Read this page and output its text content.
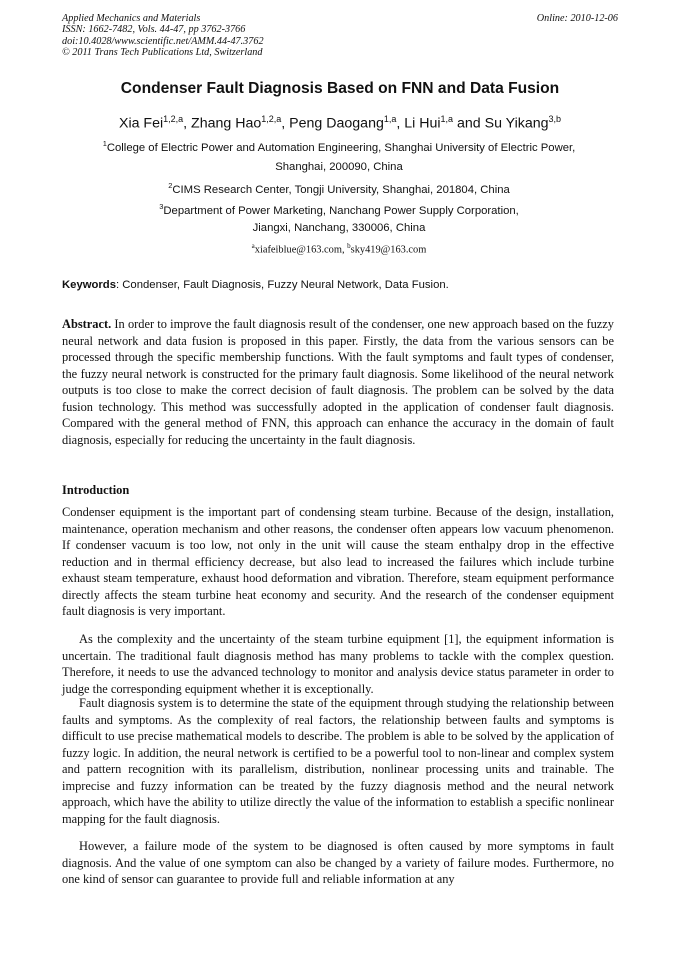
Applied Mechanics and Materials
ISSN: 1662-7482, Vols. 44-47, pp 3762-3766
doi:10.4028/www.scientific.net/AMM.44-47.3762
© 2011 Trans Tech Publications Ltd, Switzerland
Online: 2010-12-06
Condenser Fault Diagnosis Based on FNN and Data Fusion
Xia Fei$^{1,2,a}$, Zhang Hao$^{1,2,a}$, Peng Daogang$^{1,a}$, Li Hui$^{1,a}$ and Su Yikang$^{3,b}$
$^1$College of Electric Power and Automation Engineering, Shanghai University of Electric Power,
Shanghai, 200090, China
$^2$CIMS Research Center, Tongji University, Shanghai, 201804, China
$^3$Department of Power Marketing, Nanchang Power Supply Corporation,
Jiangxi, Nanchang, 330006, China
$^a$xiafeiblue@163.com, $^b$sky419@163.com
Keywords: Condenser, Fault Diagnosis, Fuzzy Neural Network, Data Fusion.
Abstract. In order to improve the fault diagnosis result of the condenser, one new approach based on the fuzzy neural network and data fusion is proposed in this paper. Firstly, the data from the various sensors can be processed through the specific membership functions. With the fault symptoms and fault types of condenser, the fuzzy neural network is constructed for the primary fault diagnosis. Some likelihood of the neural network outputs is too close to make the correct decision of fault diagnosis. The problem can be solved by the data fusion technology. This method was successfully adopted in the application of condenser fault diagnosis. Compared with the general method of FNN, this approach can enhance the accuracy in the domain of fault diagnosis, especially for reducing the uncertainty in the fault diagnosis.
Introduction
Condenser equipment is the important part of condensing steam turbine. Because of the design, installation, maintenance, operation mechanism and other reasons, the condenser often appears low vacuum phenomenon. If condenser vacuum is too low, not only in the unit will cause the steam enthalpy drop in the effective reduction and in thermal efficiency decrease, but also lead to increased the failures which include turbine exhaust steam temperature, exhaust hood deformation and vibration. Therefore, steam equipment performance directly affects the steam turbine heat economy and security. And the research of the condenser equipment fault diagnosis is very important.
As the complexity and the uncertainty of the steam turbine equipment [1], the equipment information is uncertain. The traditional fault diagnosis method has many problems to tackle with the complex question. Therefore, it needs to use the advanced technology to monitor and analysis device status parameter in order to judge the corresponding equipment whether it is exceptionally.
Fault diagnosis system is to determine the state of the equipment through studying the relationship between faults and symptoms. As the complexity of real factors, the relationship between faults and symptoms is difficult to use precise mathematical models to describe. The problem is able to be solved by the application of fuzzy logic. In addition, the neural network is certified to be a powerful tool to non-linear and complex system and pattern recognition with its parallelism, distribution, nonlinear processing units and trainable. The imprecise and fuzzy information can be treated by the fuzzy diagnosis method and the neural network approach, which have the ability to utilize directly the value of the information to establish a specific nonlinear mapping for the fault diagnosis.
However, a failure mode of the system to be diagnosed is often caused by more symptoms in fault diagnosis. And the value of one symptom can also be changed by a variety of failure modes. Furthermore, no one kind of sensor can guarantee to provide full and reliable information at any
